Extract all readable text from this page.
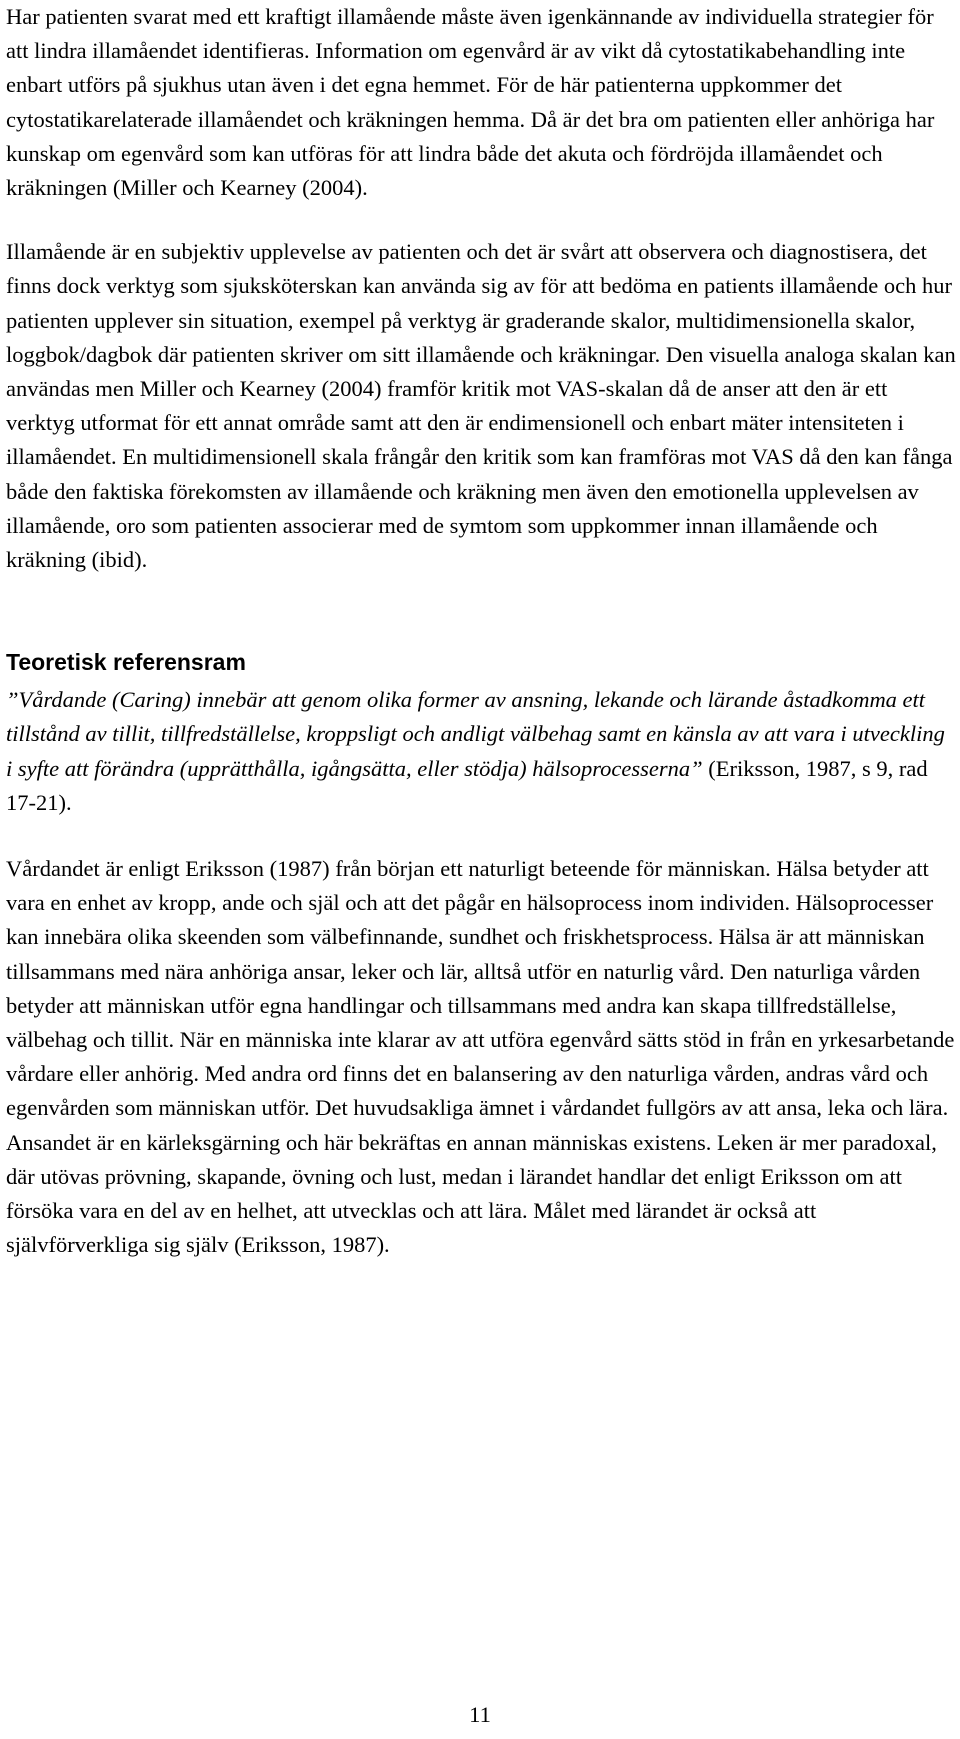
Har patienten svarat med ett kraftigt illamående måste även igenkännande av individuella strategier för att lindra illamåendet identifieras. Information om egenvård är av vikt då cytostatikabehandling inte enbart utförs på sjukhus utan även i det egna hemmet. För de här patienterna uppkommer det cytostatikarelaterade illamåendet och kräkningen hemma. Då är det bra om patienten eller anhöriga har kunskap om egenvård som kan utföras för att lindra både det akuta och fördröjda illamåendet och kräkningen (Miller och Kearney (2004).

Illamående är en subjektiv upplevelse av patienten och det är svårt att observera och diagnostisera, det finns dock verktyg som sjuksköterskan kan använda sig av för att bedöma en patients illamående och hur patienten upplever sin situation, exempel på verktyg är graderande skalor, multidimensionella skalor, loggbok/dagbok där patienten skriver om sitt illamående och kräkningar. Den visuella analoga skalan kan användas men Miller och Kearney (2004) framför kritik mot VAS-skalan då de anser att den är ett verktyg utformat för ett annat område samt att den är endimensionell och enbart mäter intensiteten i illamåendet. En multidimensionell skala frångår den kritik som kan framföras mot VAS då den kan fånga både den faktiska förekomsten av illamående och kräkning men även den emotionella upplevelsen av illamående, oro som patienten associerar med de symtom som uppkommer innan illamående och kräkning (ibid).

Teoretisk referensram

”Vårdande (Caring) innebär att genom olika former av ansning, lekande och lärande åstadkomma ett tillstånd av tillit, tillfredställelse, kroppsligt och andligt välbehag samt en känsla av att vara i utveckling i syfte att förändra (upprätthålla, igångsätta, eller stödja) hälsoprocesserna” (Eriksson, 1987, s 9, rad 17-21).

Vårdandet är enligt Eriksson (1987) från början ett naturligt beteende för människan. Hälsa betyder att vara en enhet av kropp, ande och själ och att det pågår en hälsoprocess inom individen. Hälsoprocesser kan innebära olika skeenden som välbefinnande, sundhet och friskhetsprocess. Hälsa är att människan tillsammans med nära anhöriga ansar, leker och lär, alltså utför en naturlig vård. Den naturliga vården betyder att människan utför egna handlingar och tillsammans med andra kan skapa tillfredställelse, välbehag och tillit. När en människa inte klarar av att utföra egenvård sätts stöd in från en yrkesarbetande vårdare eller anhörig. Med andra ord finns det en balansering av den naturliga vården, andras vård och egenvården som människan utför. Det huvudsakliga ämnet i vårdandet fullgörs av att ansa, leka och lära. Ansandet är en kärleksgärning och här bekräftas en annan människas existens. Leken är mer paradoxal, där utövas prövning, skapande, övning och lust, medan i lärandet handlar det enligt Eriksson om att försöka vara en del av en helhet, att utvecklas och att lära. Målet med lärandet är också att självförverkliga sig själv (Eriksson, 1987).

11
